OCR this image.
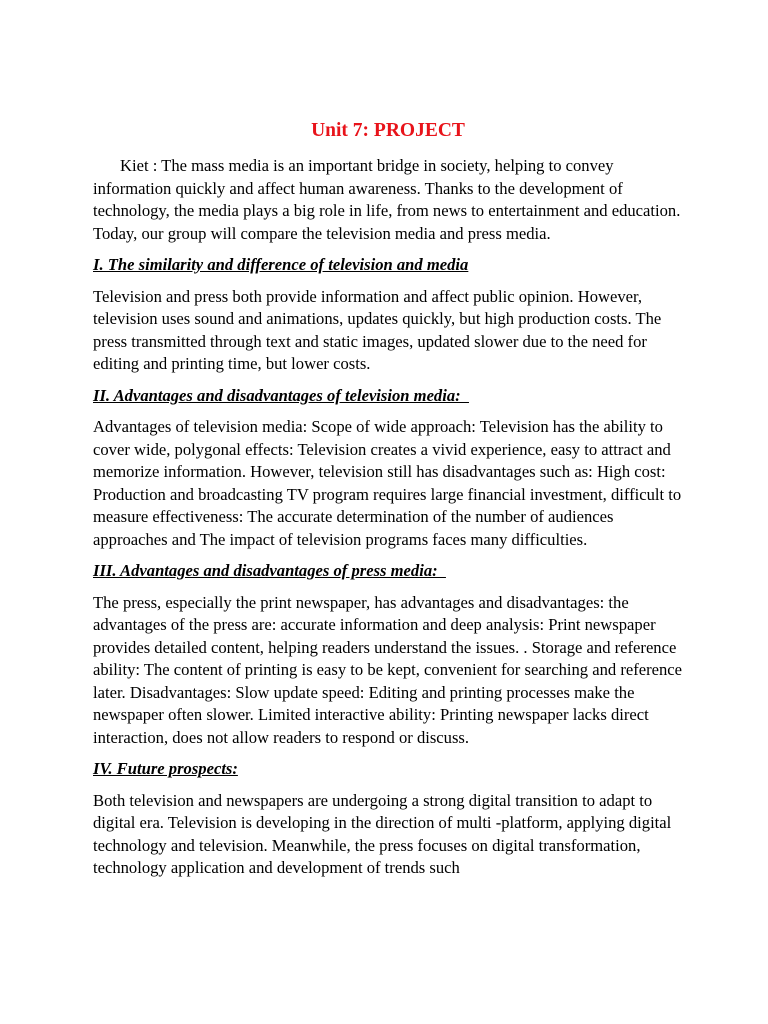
Unit 7: PROJECT

Kiet : The mass media is an important bridge in society, helping to convey information quickly and affect human awareness. Thanks to the development of technology, the media plays a big role in life, from news to entertainment and education. Today, our group will compare the television media and press media.

I. The similarity and difference of television and media

Television and press both provide information and affect public opinion. However, television uses sound and animations, updates quickly, but high production costs. The press transmitted through text and static images, updated slower due to the need for editing and printing time, but lower costs.

II. Advantages and disadvantages of television media:

Advantages of television media: Scope of wide approach: Television has the ability to cover wide, polygonal effects: Television creates a vivid experience, easy to attract and memorize information. However, television still has disadvantages such as: High cost: Production and broadcasting TV program requires large financial investment, difficult to measure effectiveness: The accurate determination of the number of audiences approaches and The impact of television programs faces many difficulties.

III. Advantages and disadvantages of press media:

The press, especially the print newspaper, has advantages and disadvantages: the advantages of the press are: accurate information and deep analysis: Print newspaper provides detailed content, helping readers understand the issues. . Storage and reference ability: The content of printing is easy to be kept, convenient for searching and reference later. Disadvantages: Slow update speed: Editing and printing processes make the newspaper often slower. Limited interactive ability: Printing newspaper lacks direct interaction, does not allow readers to respond or discuss.

IV. Future prospects:

Both television and newspapers are undergoing a strong digital transition to adapt to digital era. Television is developing in the direction of multi -platform, applying digital technology and television. Meanwhile, the press focuses on digital transformation, technology application and development of trends such
